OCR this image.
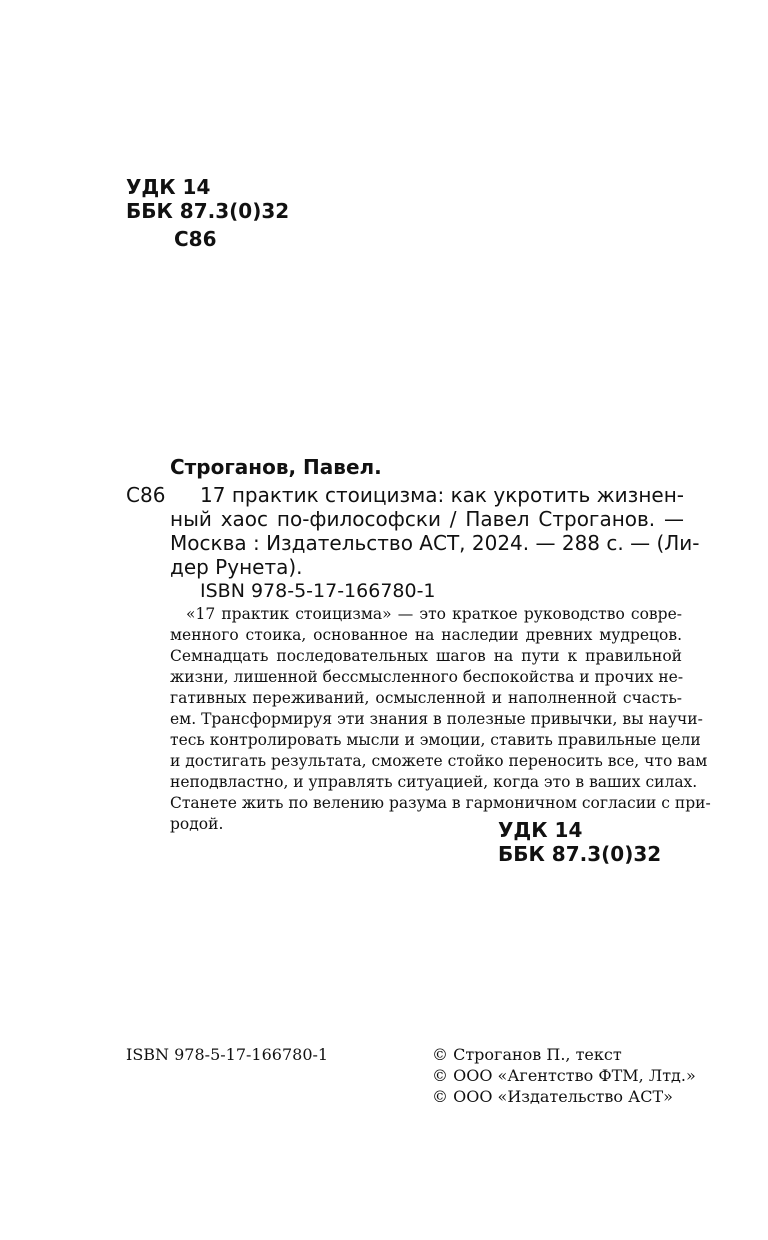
УДК 14
ББК 87.3(0)32
С86
Строганов, Павел.
С86 17 практик стоицизма: как укротить жизнен-
ный хаос по-философски / Павел Строганов. —
Москва : Издательство АСТ, 2024. — 288 с. — (Ли-
дер Рунета).
ISBN 978-5-17-166780-1
«17 практик стоицизма» — это краткое руководство совре-
менного стоика, основанное на наследии древних мудрецов.
Семнадцать последовательных шагов на пути к правильной
жизни, лишенной бессмысленного беспокойства и прочих не-
гативных переживаний, осмысленной и наполненной счасть-
ем. Трансформируя эти знания в полезные привычки, вы научи-
тесь контролировать мысли и эмоции, ставить правильные цели
и достигать результата, сможете стойко переносить все, что вам
неподвластно, и управлять ситуацией, когда это в ваших силах.
Станете жить по велению разума в гармоничном согласии с при-
родой.	УДК 14
ББК 87.3(0)32
ISBN 978-5-17-166780-1	© Строганов П., текст
© ООО «Агентство ФТМ, Лтд.»
© ООО «Издательство АСТ»
